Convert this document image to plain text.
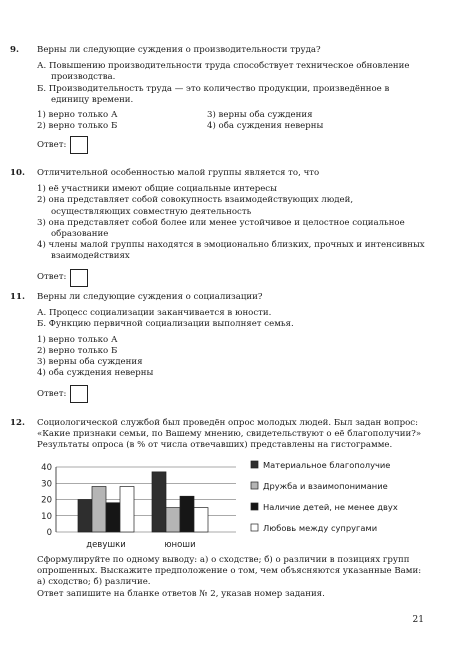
9.	Верны ли следующие суждения о производительности труда?
А. Повышению производительности труда способствует техническое обновление производства.
Б. Производительность труда — это количество продукции, произведённое в единицу времени.
1) верно только А	3) верны оба суждения
2) верно только Б	4) оба суждения неверны
Ответ:
10.	Отличительной особенностью малой группы является то, что
1) её участники имеют общие социальные интересы
2) она представляет собой совокупность взаимодействующих людей, осуществляющих совместную деятельность
3) она представляет собой более или менее устойчивое и целостное социальное образование
4) члены малой группы находятся в эмоционально близких, прочных и интенсивных взаимодействиях
Ответ:
11.	Верны ли следующие суждения о социализации?
А. Процесс социализации заканчивается в юности.
Б. Функцию первичной социализации выполняет семья.
1) верно только А
2) верно только Б
3) верны оба суждения
4) оба суждения неверны
Ответ:
12.	Социологической службой был проведён опрос молодых людей. Был задан вопрос: «Какие признаки семьи, по Вашему мнению, свидетельствуют о её благополучии?»
Результаты опроса (в % от числа отвечавших) представлены на гистограмме.
0
10
20
30
40
девушки	юноши
Материальное благополучие
Дружба и взаимопонимание
Наличие детей, не менее двух
Любовь между супругами
Сформулируйте по одному выводу: а) о сходстве; б) о различии в позициях групп опрошенных. Выскажите предположение о том, чем объясняются указанные Вами: а) сходство; б) различие.
Ответ запишите на бланке ответов № 2, указав номер задания.
21
